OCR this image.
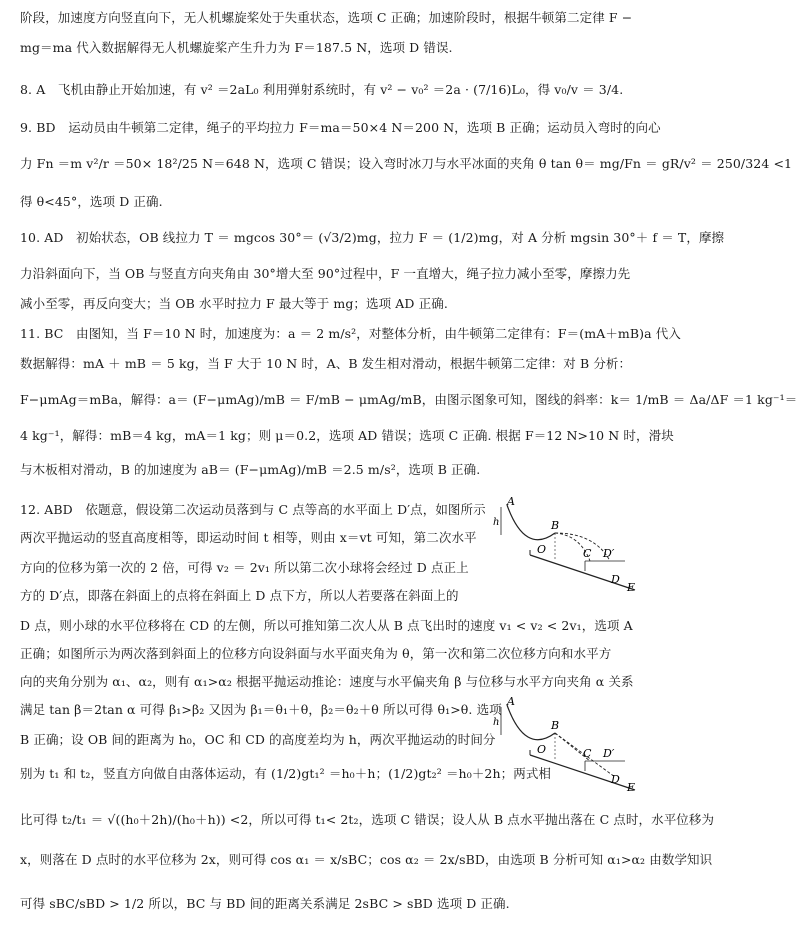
阶段，加速度方向竖直向下，无人机螺旋桨处于失重状态，选项 C 正确；加速阶段时，根据牛顿第二定律 F −
mg＝ma 代入数据解得无人机螺旋桨产生升力为 F＝187.5 N，选项 D 错误.
8. A　飞机由静止开始加速，有 v² ＝2aL₀ 利用弹射系统时，有 v² − v₀² ＝2a · (7/16)L₀，得 v₀/v ＝ 3/4.
9. BD　运动员由牛顿第二定律，绳子的平均拉力 F＝ma＝50×4 N＝200 N，选项 B 正确；运动员入弯时的向心
力 Fn ＝m v²/r ＝50× 18²/25 N＝648 N，选项 C 错误；设入弯时冰刀与水平冰面的夹角 θ tan θ＝ mg/Fn ＝ gR/v² ＝ 250/324 <1
得 θ<45°，选项 D 正确.
10. AD　初始状态，OB 线拉力 T ＝ mgcos 30°＝ (√3/2)mg，拉力 F ＝ (1/2)mg，对 A 分析 mgsin 30°＋ f ＝ T，摩擦
力沿斜面向下，当 OB 与竖直方向夹角由 30°增大至 90°过程中，F 一直增大，绳子拉力减小至零，摩擦力先
减小至零，再反向变大；当 OB 水平时拉力 F 最大等于 mg；选项 AD 正确.
11. BC　由图知，当 F＝10 N 时，加速度为：a ＝ 2 m/s²，对整体分析，由牛顿第二定律有：F＝(mA＋mB)a 代入
数据解得：mA ＋ mB ＝ 5 kg，当 F 大于 10 N 时，A、B 发生相对滑动，根据牛顿第二定律：对 B 分析：
F−μmAg＝mBa，解得：a＝ (F−μmAg)/mB ＝ F/mB − μmAg/mB，由图示图象可知，图线的斜率：k＝ 1/mB ＝ Δa/ΔF ＝1 kg⁻¹＝
4 kg⁻¹，解得：mB＝4 kg，mA＝1 kg；则 μ＝0.2，选项 AD 错误；选项 C 正确. 根据 F＝12 N>10 N 时，滑块
与木板相对滑动，B 的加速度为 aB＝ (F−μmAg)/mB ＝2.5 m/s²，选项 B 正确.
12. ABD　依题意，假设第二次运动员落到与 C 点等高的水平面上 D′点，如图所示
两次平抛运动的竖直高度相等，即运动时间 t 相等，则由 x＝vt 可知，第二次水平
方向的位移为第一次的 2 倍，可得 v₂ ＝ 2v₁ 所以第二次小球将会经过 D 点正上
方的 D′点，即落在斜面上的点将在斜面上 D 点下方，所以人若要落在斜面上的
D 点，则小球的水平位移将在 CD 的左侧，所以可推知第二次人从 B 点飞出时的速度 v₁ < v₂ < 2v₁，选项 A
正确；如图所示为两次落到斜面上的位移方向设斜面与水平面夹角为 θ，第一次和第二次位移方向和水平方
向的夹角分别为 α₁、α₂，则有 α₁>α₂ 根据平抛运动推论：速度与水平偏夹角 β 与位移与水平方向夹角 α 关系
满足 tan β＝2tan α 可得 β₁>β₂ 又因为 β₁＝θ₁＋θ，β₂＝θ₂＋θ 所以可得 θ₁>θ. 选项
B 正确；设 OB 间的距离为 h₀，OC 和 CD 的高度差均为 h，两次平抛运动的时间分
别为 t₁ 和 t₂，竖直方向做自由落体运动，有 (1/2)gt₁² ＝h₀＋h；(1/2)gt₂² ＝h₀＋2h；两式相
比可得 t₂/t₁ ＝ √((h₀＋2h)/(h₀＋h)) <2，所以可得 t₁< 2t₂，选项 C 错误；设人从 B 点水平抛出落在 C 点时，水平位移为
x，则落在 D 点时的水平位移为 2x，则可得 cos α₁ ＝ x/sBC；cos α₂ ＝ 2x/sBD，由选项 B 分析可知 α₁>α₂ 由数学知识
可得 sBC/sBD > 1/2 所以，BC 与 BD 间的距离关系满足 2sBC > sBD 选项 D 正确.
A
h	B
O	C D′
D
E
A
h	B
O	C D′
D
E
